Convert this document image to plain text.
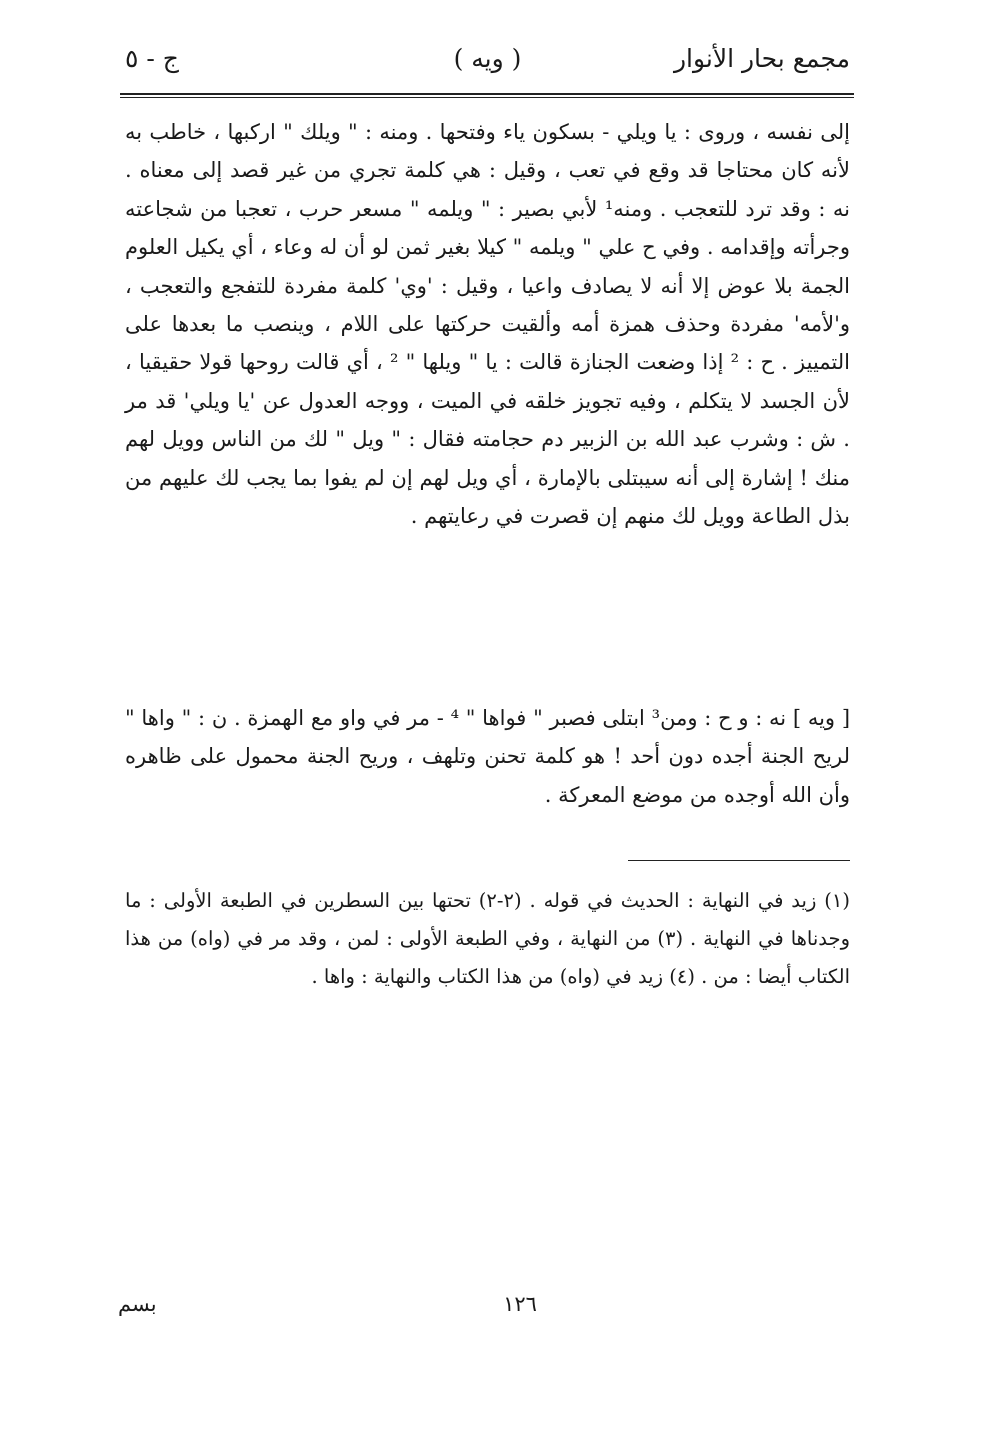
مجمع بحار الأنوار
( ويه )
ج - ٥

إلى نفسه ، وروى : يا ويلي - بسكون ياء وفتحها . ومنه : " ويلك " اركبها ، خاطب به لأنه كان محتاجا قد وقع في تعب ، وقيل : هي كلمة تجري من غير قصد إلى معناه . نه : وقد ترد للتعجب . ومنه¹ لأبي بصير : " ويلمه " مسعر حرب ، تعجبا من شجاعته وجرأته وإقدامه . وفي ح علي " ويلمه " كيلا بغير ثمن لو أن له وعاء ، أي يكيل العلوم الجمة بلا عوض إلا أنه لا يصادف واعيا ، وقيل : 'وي' كلمة مفردة للتفجع والتعجب ، و'لأمه' مفردة وحذف همزة أمه وألقيت حركتها على اللام ، وينصب ما بعدها على التمييز . ح : ² إذا وضعت الجنازة قالت : يا " ويلها " ² ، أي قالت روحها قولا حقيقيا ، لأن الجسد لا يتكلم ، وفيه تجويز خلقه في الميت ، ووجه العدول عن 'يا ويلي' قد مر . ش : وشرب عبد الله بن الزبير دم حجامته فقال : " ويل " لك من الناس وويل لهم منك ! إشارة إلى أنه سيبتلى بالإمارة ، أي ويل لهم إن لم يفوا بما يجب لك عليهم من بذل الطاعة وويل لك منهم إن قصرت في رعايتهم .

[ ويه ] نه : و ح : ومن³ ابتلى فصبر " فواها " ⁴ - مر في واو مع الهمزة . ن : " واها " لريح الجنة أجده دون أحد ! هو كلمة تحنن وتلهف ، وريح الجنة محمول على ظاهره وأن الله أوجده من موضع المعركة .

(١) زيد في النهاية : الحديث في قوله . (٢-٢) تحتها بين السطرين في الطبعة الأولى : ما وجدناها في النهاية . (٣) من النهاية ، وفي الطبعة الأولى : لمن ، وقد مر في (واه) من هذا الكتاب أيضا : من . (٤) زيد في (واه) من هذا الكتاب والنهاية : واها .

١٢٦
بسم
